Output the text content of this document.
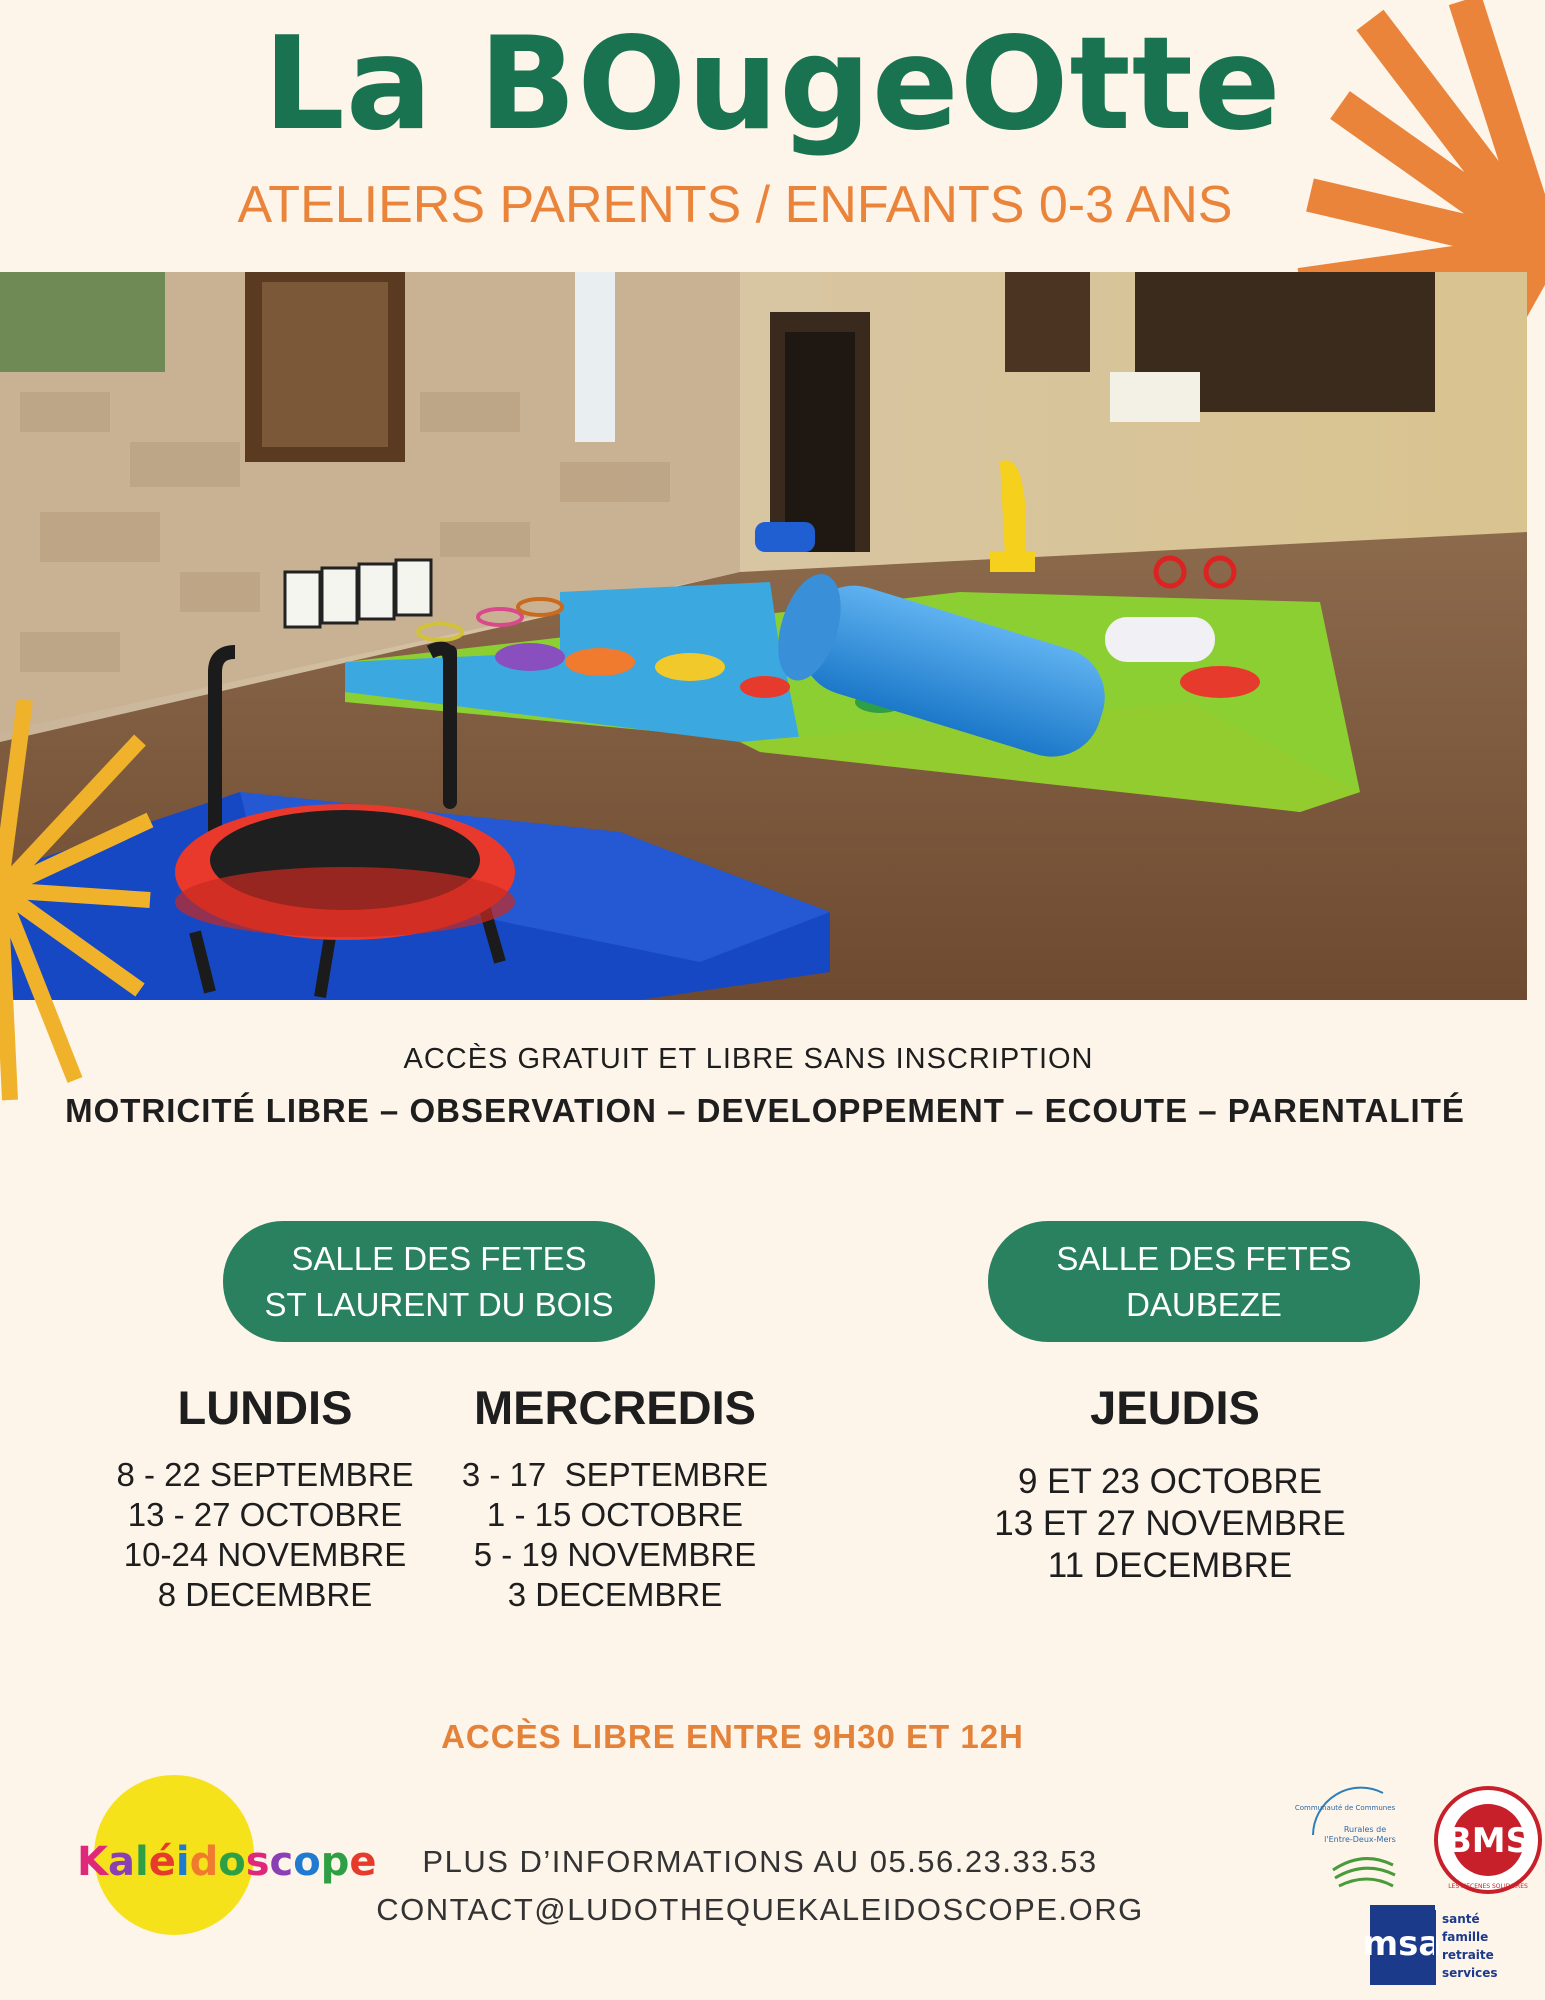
La BOugeOtte
ATELIERS PARENTS / ENFANTS 0-3 ANS
ACCÈS GRATUIT ET LIBRE SANS INSCRIPTION
MOTRICITÉ LIBRE – OBSERVATION – DEVELOPPEMENT – ECOUTE – PARENTALITÉ
SALLE DES FETES
ST LAURENT DU BOIS
SALLE DES FETES
DAUBEZE
LUNDIS
8 - 22 SEPTEMBRE
13 - 27 OCTOBRE
10-24 NOVEMBRE
8 DECEMBRE
MERCREDIS
3 - 17  SEPTEMBRE
1 - 15 OCTOBRE
5 - 19 NOVEMBRE
3 DECEMBRE
JEUDIS
9 ET 23 OCTOBRE
13 ET 27 NOVEMBRE
11 DECEMBRE
ACCÈS LIBRE ENTRE 9H30 ET 12H
Kaléidoscope	PLUS D’INFORMATIONS AU 05.56.23.33.53
CONTACT@LUDOTHEQUEKALEIDOSCOPE.ORG
Communauté de Communes
Rurales de
l'Entre-Deux-Mers BMS
LES MECENES SOLIDAIRES
msa
santé
famille
retraite
services
